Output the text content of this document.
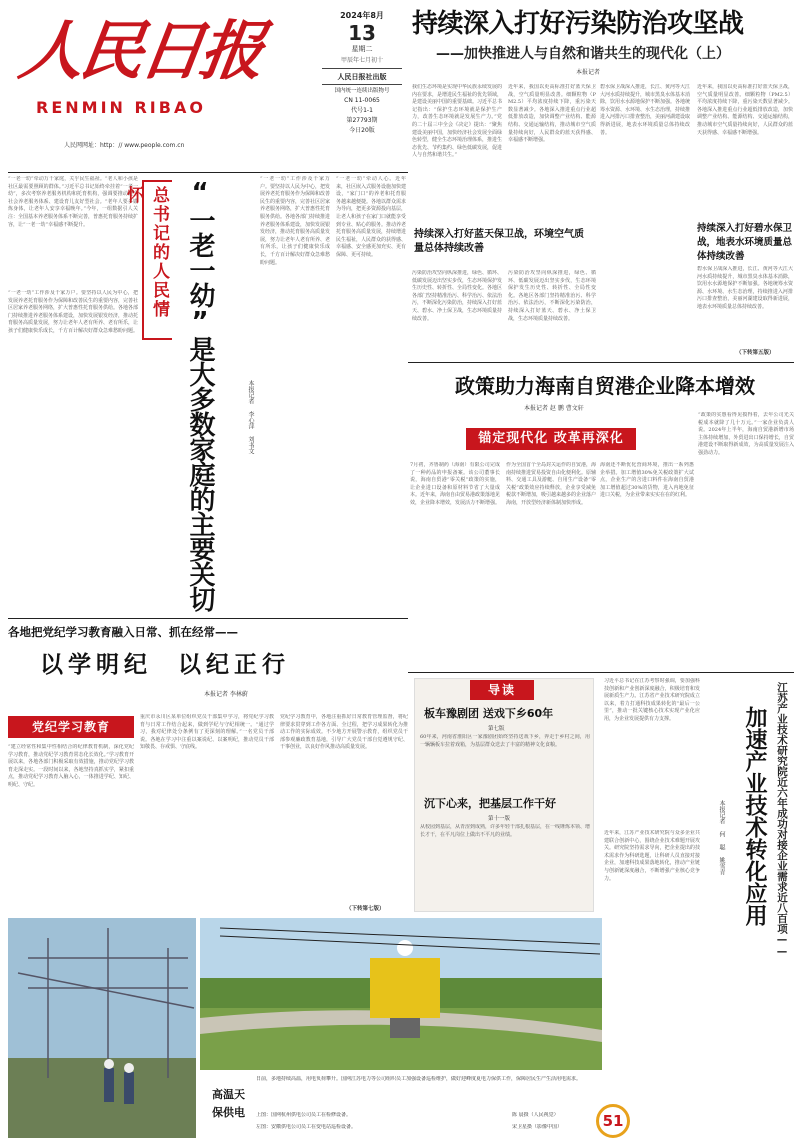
人民日报
RENMIN RIBAO
人民网网址：http：// www.people.com.cn
2024年8月
13
星期二
甲辰年七月初十
人民日报社出版
国内统一连续出版物号
CN 11-0065
代号1-1
第27793期
今日20版
持续深入打好污染防治攻坚战
——加快推进人与自然和谐共生的现代化（上）
本报记者
我们生态环境是实现中华民族永续发展的内在要求，是增进民生福祉的优先领域，是建设美丽中国的重要基础。习近平总书记指出：“保护生态环境就是保护生产力，改善生态环境就是发展生产力。”党的二十届三中全会《决定》提出：“聚焦建设美丽中国，加快经济社会发展全面绿色转型，健全生态环境治理体系，推进生态优先、节约集约、绿色低碳发展，促进人与自然和谐共生。”
污染防治攻坚向纵深推进，绿色、循环、低碳发展迈出坚实步伐，生态环境保护发生历史性、转折性、全局性变化。各地区各部门坚持精准治污、科学治污、依法治污，不断深化污染防治，持续深入打好蓝天、碧水、净土保卫战，生态环境质量持续改善。
持续深入打好蓝天保卫战，环境空气质量总体持续改善
近年来，我国以更高标准打好蓝天保卫战，空气质量明显改善。细颗粒物（PM2.5）平均浓度持续下降，重污染天数显著减少。各地深入推进重点行业超低排放改造，加快调整产业结构、能源结构、交通运输结构，推动城市空气质量持续向好，人民群众的蓝天获得感、幸福感不断增强。
污染防治攻坚向纵深推进，绿色、循环、低碳发展迈出坚实步伐，生态环境保护发生历史性、转折性、全局性变化。各地区各部门坚持精准治污、科学治污、依法治污，不断深化污染防治，持续深入打好蓝天、碧水、净土保卫战，生态环境质量持续改善。
碧水保卫战深入推进，长江、黄河等大江大河水质持续提升，城市黑臭水体基本消除，饮用水水源地保护不断加强。各地统筹水资源、水环境、水生态治理，持续推进入河排污口排查整治，美丽河湖建设取得新进展，地表水环境质量总体持续改善。
近年来，我国以更高标准打好蓝天保卫战，空气质量明显改善。细颗粒物（PM2.5）平均浓度持续下降，重污染天数显著减少。各地深入推进重点行业超低排放改造，加快调整产业结构、能源结构、交通运输结构，推动城市空气质量持续向好，人民群众的蓝天获得感、幸福感不断增强。
持续深入打好碧水保卫战，地表水环境质量总体持续改善
碧水保卫战深入推进，长江、黄河等大江大河水质持续提升，城市黑臭水体基本消除，饮用水水源地保护不断加强。各地统筹水资源、水环境、水生态治理，持续推进入河排污口排查整治，美丽河湖建设取得新进展，地表水环境质量总体持续改善。
（下转第五版）
“一老一幼”牵动万千家庭，关乎民生福祉。“老人和小孩是社区最需要照顾的群体。”习近平总书记始终牵挂着“一老一幼”，多次考察养老服务机构和托育机构，强调要推动健全社会养老服务体系、建设育儿友好型社会。“老年人要多锻炼身体，让老年人安享幸福晚年。”今年，一组数据引人关注：全国基本养老服务体系不断完善，普惠托育服务持续扩容，让“一老一幼”幸福感不断提升。
“一老一幼”工作涉及千家万户。要坚持以人民为中心，把发展养老托育服务作为保障和改善民生的重要内容，完善社区居家养老服务网络，扩大普惠性托育服务供给。各地各部门持续推进养老服务体系建设，加快发展银发经济，推动托育服务高质量发展，努力让老年人老有所养、老有所乐，让孩子们健康快乐成长，千方百计解决好群众急难愁盼问题。
总书记的人民情怀	“一老一幼”是大多数家庭的主要关切	本报记者 李心萍 刘书文
“一老一幼”工作涉及千家万户。要坚持以人民为中心，把发展养老托育服务作为保障和改善民生的重要内容，完善社区居家养老服务网络，扩大普惠性托育服务供给。各地各部门持续推进养老服务体系建设，加快发展银发经济，推动托育服务高质量发展，努力让老年人老有所养、老有所乐，让孩子们健康快乐成长，千方百计解决好群众急难愁盼问题。
“一老一幼”牵动人心。近年来，社区嵌入式服务设施加快建设，“家门口”的养老和托育服务越来越便捷。各地以群众需求为导向，把更多资源投向基层，让老人和孩子在家门口就能享受到专业、贴心的服务。推动养老托育服务高质量发展，持续增进民生福祉，人民群众的获得感、幸福感、安全感更加充实、更有保障、更可持续。
政策助力海南自贸港企业降本增效
本报记者 赵 鹏 曹文轩
锚定现代化 改革再深化
7月初，齐鲁制药（海南）有限公司完成了一种药品的申报备案。该公司董事长说，海南自贸港“零关税”政策的实施，让企业进口设备和原材料节省了大量成本。近年来，海南自由贸易港政策落地见效，企业降本增效，发展活力不断增强。
作为全国首个全岛封关运作的自贸港，海南持续推进贸易投资自由化便利化。原辅料、交通工具及游艇、自用生产设备“零关税”政策效应持续释放，企业享受减免税款不断增加，吸引越来越多的企业落户海南，开放型经济新体制加快形成。
海南还不断优化营商环境，推出一系列惠企举措。加工增值30%免关税政策扩大试点，企业生产的含进口料件在海南自贸港加工增值超过30%的货物，进入内地免征进口关税，为企业带来实实在在的红利。
“政策的实惠看得见摸得着，去年公司光关税成本就降了几十万元。”一家企业负责人说。2024年上半年，海南自贸港新增市场主体持续增加，外贸进出口保持增长，自贸港建设不断取得新成效，为高质量发展注入强劲动力。
各地把党纪学习教育融入日常、抓在经常——
以学明纪  以纪正行
本报记者 李林蔚
党纪学习教育
“建立经常性和集中性相结合的纪律教育机制，深化党纪学习教育，推动党纪学习教育常态化长效化。”学习教育开展以来，各地各部门积极采取有效措施，推动党纪学习教育走深走实。一段时间以来，各地坚持真抓实学，紧扣重点，推动党纪学习教育入脑入心，一体推进学纪、知纪、明纪、守纪。
重庆市永川区某单位组织党员干部集中学习，将党纪学习教育与日常工作结合起来，做到学纪与守纪相统一。“通过学习，我对纪律处分条例有了更深刻的理解。”一名党员干部说。各地在学习中注重以案说纪、以案明纪，推动党员干部知敬畏、存戒惧、守底线。
党纪学习教育中，各地注重抓好日常教育管理监督，将纪律要求贯穿到工作各方面、全过程，把学习成果转化为推动工作的实际成效。不少地方开展警示教育，组织党员干部参观廉政教育基地，引导广大党员干部自觉遵规守纪、干事创业，以良好作风推动高质量发展。
（下转第七版）
导读
板车豫剧团 送戏下乡60年
第七版
60年来，河南省淮阳区一家豫剧团始终坚持送戏下乡，奔走于乡村之间，用一辆辆板车拉着戏箱，为基层群众送去了丰富的精神文化食粮。
沉下心来，把基层工作干好
第十一版
从校园到基层，从青涩到成熟，许多年轻干部扎根基层，在一线锤炼本领、增长才干，在平凡岗位上做出不平凡的业绩。
高温天 保供电
日前，多地持续高温，用电负荷攀升。国网江苏电力等公司组织员工加强设备巡检维护，做好迎峰度夏电力保供工作，保障居民生产生活用电需求。
上图：国网杭州供电公司员工在检修设备。
左图：安徽供电公司员工在变电站巡检设备。
陈 晨摄（人民视觉）
宋卫星摄（影像中国）
习近平总书记在江苏考察时强调，要加强科技创新和产业创新深度融合，积极培育和发展新质生产力。江苏省产业技术研究院成立以来，着力打通科技成果转化的“最后一公里”，推动一批关键核心技术实现产业化应用，为企业发展提供有力支撑。
近年来，江苏产业技术研究院与众多企业共建联合创新中心，围绕企业技术难题开展攻关。研究院坚持需求导向，把企业提出的技术需求作为科研选题，让科研人员直接对接企业，加速科技成果落地转化，推动产业链与创新链深度融合，不断增强产业核心竞争力。	江苏产业技术研究院近六年成功对接企业需求近八百项——
加速产业技术转化应用
本报记者 何 聪 姚雪青
51
